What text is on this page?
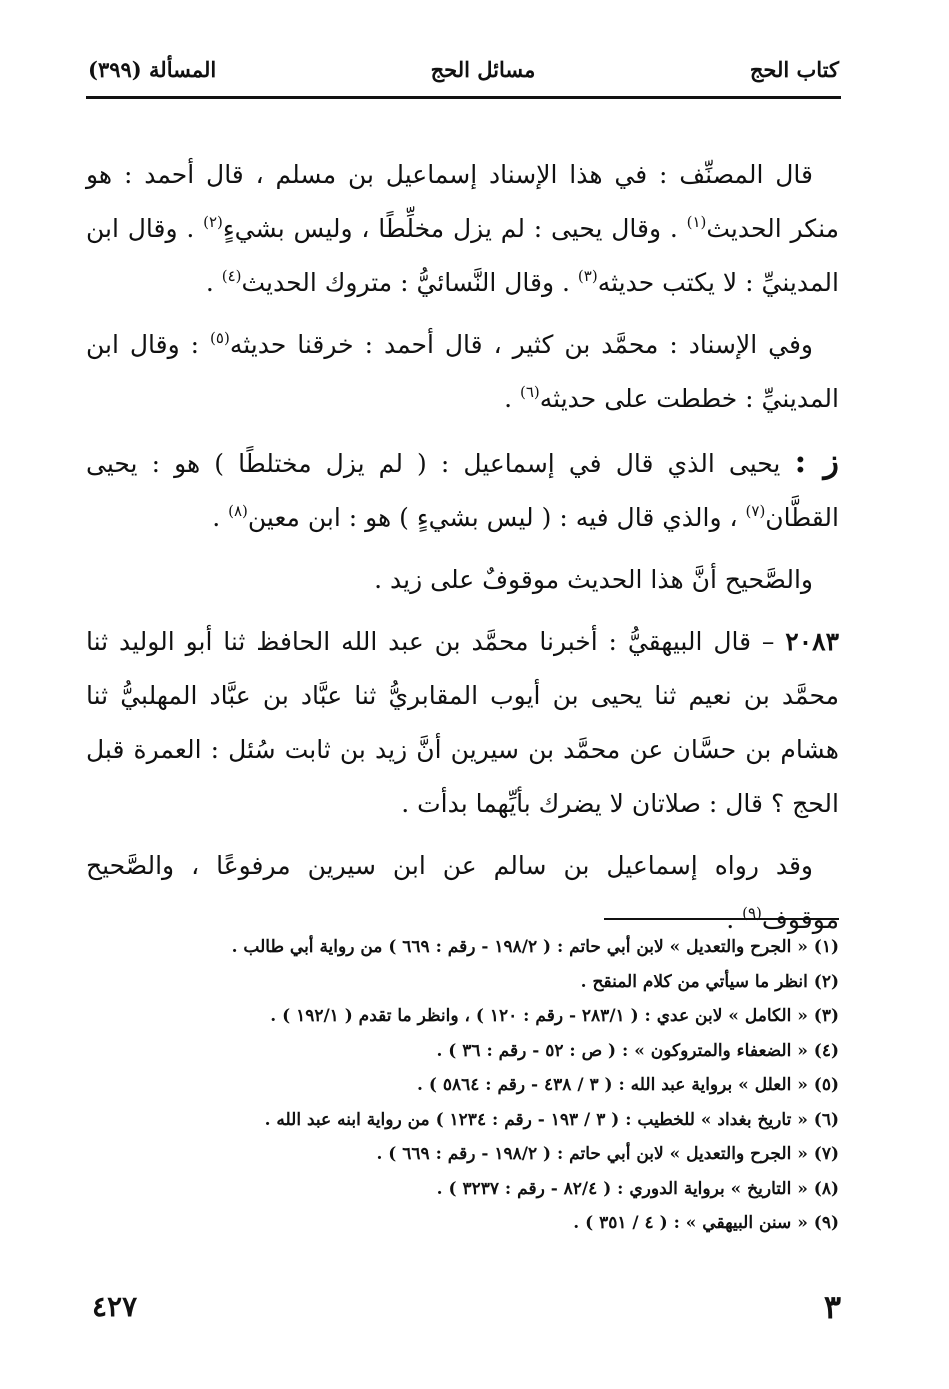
كتاب الحج
مسائل الحج
المسألة (٣٩٩)

قال المصنِّف : في هذا الإسناد إسماعيل بن مسلم ، قال أحمد : هو منكر الحديث$^{(١)}$ . وقال يحيى : لم يزل مخلِّطًا ، وليس بشيءٍ$^{(٢)}$ . وقال ابن المدينيِّ : لا يكتب حديثه$^{(٣)}$ . وقال النَّسائيُّ : متروك الحديث$^{(٤)}$ .

وفي الإسناد : محمَّد بن كثير ، قال أحمد : خرقنا حديثه$^{(٥)}$ : وقال ابن المدينيِّ : خططت على حديثه$^{(٦)}$ .

ز : يحيى الذي قال في إسماعيل : ( لم يزل مختلطًا ) هو : يحيى القطَّان$^{(٧)}$ ، والذي قال فيه : ( ليس بشيءٍ ) هو : ابن معين$^{(٨)}$ .

والصَّحيح أنَّ هذا الحديث موقوفٌ على زيد .

٢٠٨٣ – قال البيهقيُّ : أخبرنا محمَّد بن عبد الله الحافظ ثنا أبو الوليد ثنا محمَّد بن نعيم ثنا يحيى بن أيوب المقابريُّ ثنا عبَّاد بن عبَّاد المهلبيُّ ثنا هشام بن حسَّان عن محمَّد بن سيرين أنَّ زيد بن ثابت سُئل : العمرة قبل الحج ؟ قال : صلاتان لا يضرك بأيِّهما بدأت .

وقد رواه إسماعيل بن سالم عن ابن سيرين مرفوعًا ، والصَّحيح موقوف$^{(٩)}$ .

(١) « الجرح والتعديل » لابن أبي حاتم : ( ١٩٨/٢ - رقم : ٦٦٩ ) من رواية أبي طالب .
(٢) انظر ما سيأتي من كلام المنقح .
(٣) « الكامل » لابن عدي : ( ٢٨٣/١ - رقم : ١٢٠ ) ، وانظر ما تقدم ( ١٩٢/١ ) .
(٤) « الضعفاء والمتروكون » : ( ص : ٥٢ - رقم : ٣٦ ) .
(٥) « العلل » برواية عبد الله : ( ٣ / ٤٣٨ - رقم : ٥٨٦٤ ) .
(٦) « تاريخ بغداد » للخطيب : ( ٣ / ١٩٣ - رقم : ١٢٣٤ ) من رواية ابنه عبد الله .
(٧) « الجرح والتعديل » لابن أبي حاتم : ( ١٩٨/٢ - رقم : ٦٦٩ ) .
(٨) « التاريخ » برواية الدوري : ( ٨٢/٤ - رقم : ٣٢٣٧ ) .
(٩) « سنن البيهقي » : ( ٤ / ٣٥١ ) .
٤٢٧	٣
